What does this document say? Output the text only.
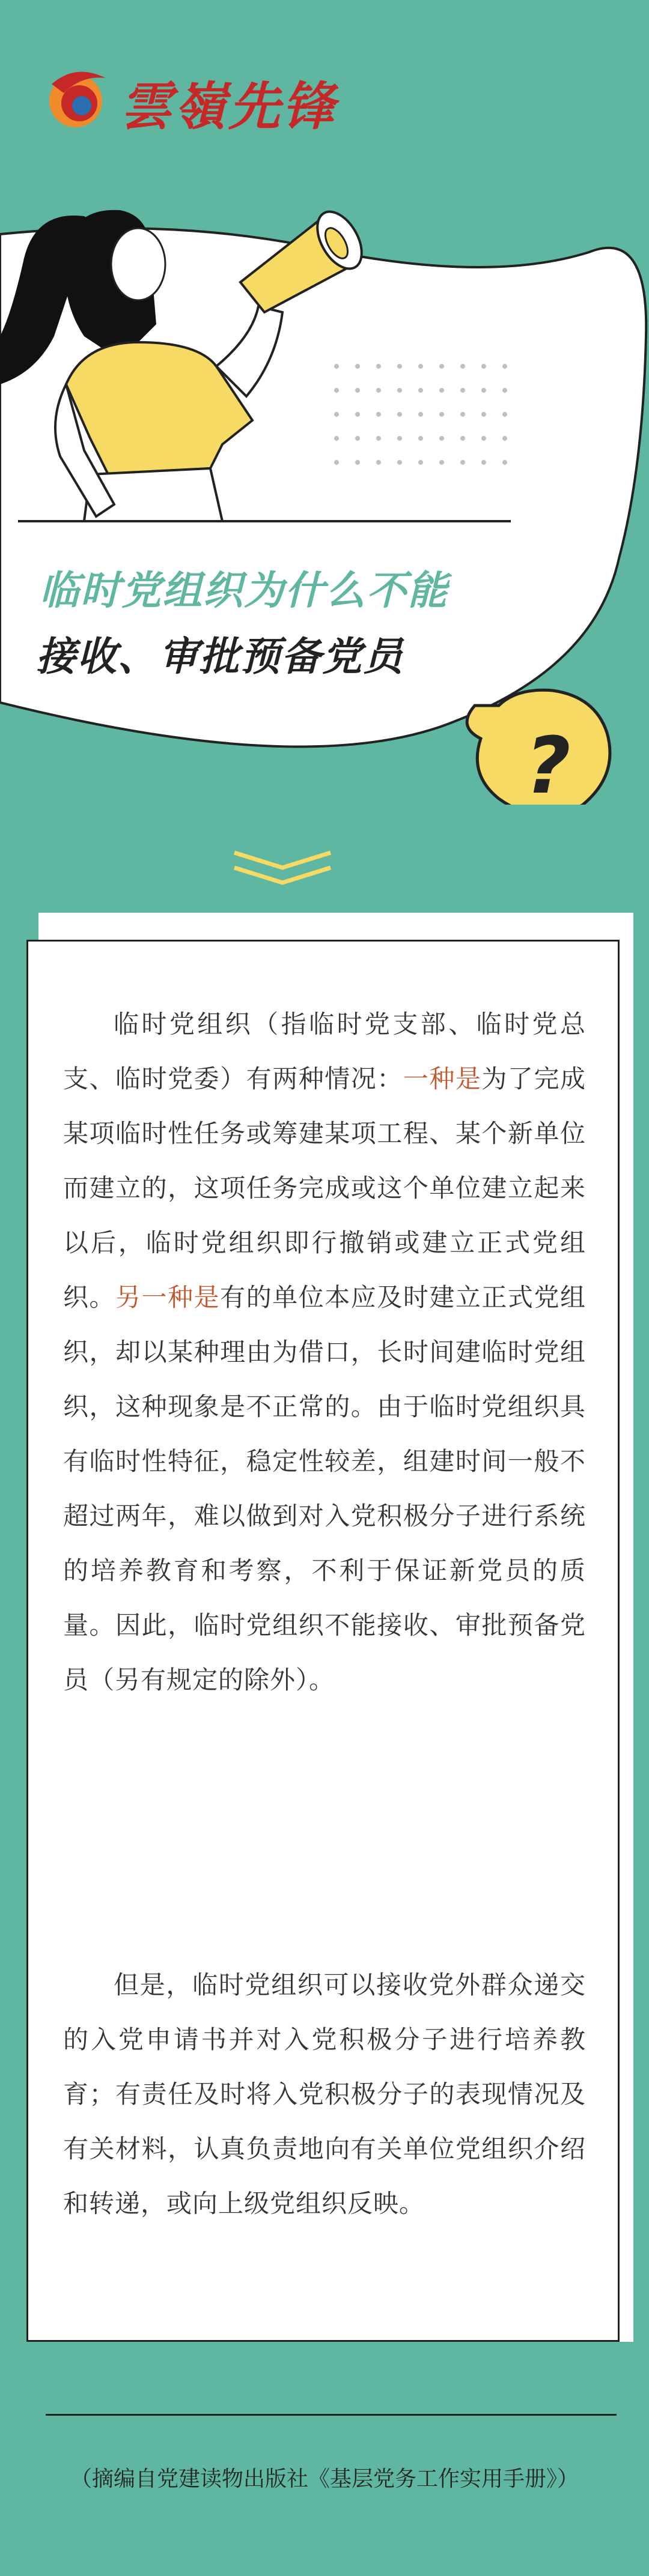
雲嶺先锋
?
临时党组织为什么不能
接收、审批预备党员
临时党组织（指临时党支部、临时党总支、临时党委）有两种情况：一种是为了完成某项临时性任务或筹建某项工程、某个新单位而建立的，这项任务完成或这个单位建立起来以后，临时党组织即行撤销或建立正式党组织。另一种是有的单位本应及时建立正式党组织，却以某种理由为借口，长时间建临时党组织，这种现象是不正常的。由于临时党组织具有临时性特征，稳定性较差，组建时间一般不超过两年，难以做到对入党积极分子进行系统的培养教育和考察，不利于保证新党员的质量。因此，临时党组织不能接收、审批预备党员（另有规定的除外）。
但是，临时党组织可以接收党外群众递交的入党申请书并对入党积极分子进行培养教育；有责任及时将入党积极分子的表现情况及有关材料，认真负责地向有关单位党组织介绍和转递，或向上级党组织反映。
（摘编自党建读物出版社《基层党务工作实用手册》）
